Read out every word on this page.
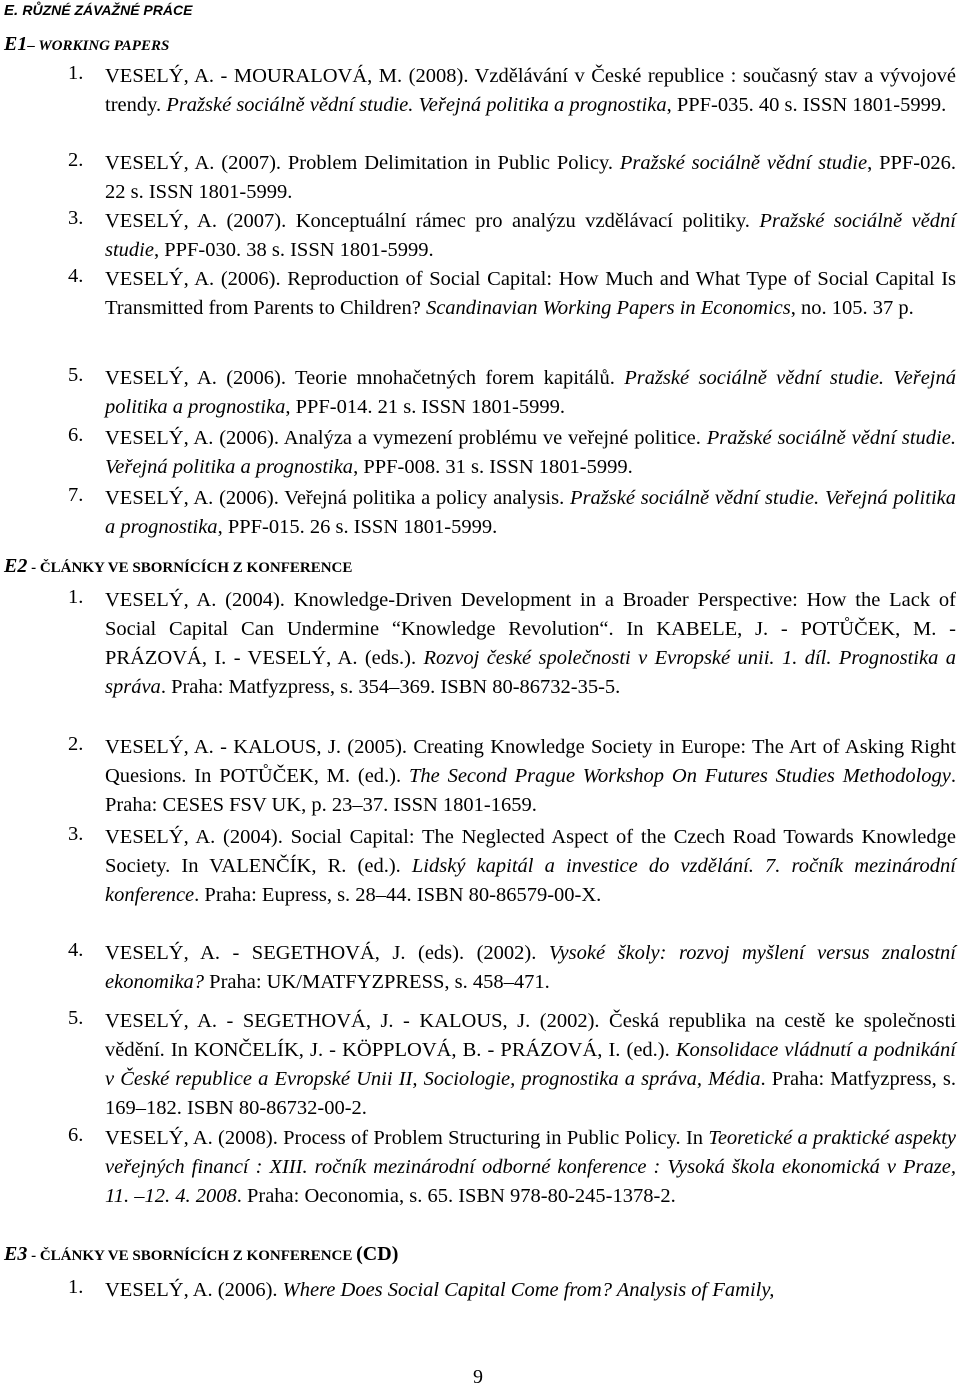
E. RŮZNÉ ZÁVAŽNÉ PRÁCE
E1– WORKING PAPERS
1. VESELÝ, A. - MOURALOVÁ, M. (2008). Vzdělávání v České republice : současný stav a vývojové trendy. Pražské sociálně vědní studie. Veřejná politika a prognostika, PPF-035. 40 s. ISSN 1801-5999.
2. VESELÝ, A. (2007). Problem Delimitation in Public Policy. Pražské sociálně vědní studie, PPF-026. 22 s. ISSN 1801-5999.
3. VESELÝ, A. (2007). Konceptuální rámec pro analýzu vzdělávací politiky. Pražské sociálně vědní studie, PPF-030. 38 s. ISSN 1801-5999.
4. VESELÝ, A. (2006). Reproduction of Social Capital: How Much and What Type of Social Capital Is Transmitted from Parents to Children? Scandinavian Working Papers in Economics, no. 105. 37 p.
5. VESELÝ, A. (2006). Teorie mnohačetných forem kapitálů. Pražské sociálně vědní studie. Veřejná politika a prognostika, PPF-014. 21 s. ISSN 1801-5999.
6. VESELÝ, A. (2006). Analýza a vymezení problému ve veřejné politice. Pražské sociálně vědní studie. Veřejná politika a prognostika, PPF-008. 31 s. ISSN 1801-5999.
7. VESELÝ, A. (2006). Veřejná politika a policy analysis. Pražské sociálně vědní studie. Veřejná politika a prognostika, PPF-015. 26 s. ISSN 1801-5999.
E2 - ČLÁNKY VE SBORNÍCÍCH Z KONFERENCE
1. VESELÝ, A. (2004). Knowledge-Driven Development in a Broader Perspective: How the Lack of Social Capital Can Undermine “Knowledge Revolution“. In KABELE, J. - POTŮČEK, M. - PRÁZOVÁ, I. - VESELÝ, A. (eds.). Rozvoj české společnosti v Evropské unii. 1. díl. Prognostika a správa. Praha: Matfyzpress, s. 354–369. ISBN 80-86732-35-5.
2. VESELÝ, A. - KALOUS, J. (2005). Creating Knowledge Society in Europe: The Art of Asking Right Quesions. In POTŮČEK, M. (ed.). The Second Prague Workshop On Futures Studies Methodology. Praha: CESES FSV UK, p. 23–37. ISSN 1801-1659.
3. VESELÝ, A. (2004). Social Capital: The Neglected Aspect of the Czech Road Towards Knowledge Society. In VALENČÍK, R. (ed.). Lidský kapitál a investice do vzdělání. 7. ročník mezinárodní konference. Praha: Eupress, s. 28–44. ISBN 80-86579-00-X.
4. VESELÝ, A. - SEGETHOVÁ, J. (eds). (2002). Vysoké školy: rozvoj myšlení versus znalostní ekonomika? Praha: UK/MATFYZPRESS, s. 458–471.
5. VESELÝ, A. - SEGETHOVÁ, J. - KALOUS, J. (2002). Česká republika na cestě ke společnosti vědění. In KONČELÍK, J. - KÖPPLOVÁ, B. - PRÁZOVÁ, I. (ed.). Konsolidace vládnutí a podnikání v České republice a Evropské Unii II, Sociologie, prognostika a správa, Média. Praha: Matfyzpress, s. 169–182. ISBN 80-86732-00-2.
6. VESELÝ, A. (2008). Process of Problem Structuring in Public Policy. In Teoretické a praktické aspekty veřejných financí : XIII. ročník mezinárodní odborné konference : Vysoká škola ekonomická v Praze, 11. –12. 4. 2008. Praha: Oeconomia, s. 65. ISBN 978-80-245-1378-2.
E3 - ČLÁNKY VE SBORNÍCÍCH Z KONFERENCE (CD)
1. VESELÝ, A. (2006). Where Does Social Capital Come from? Analysis of Family,
9
